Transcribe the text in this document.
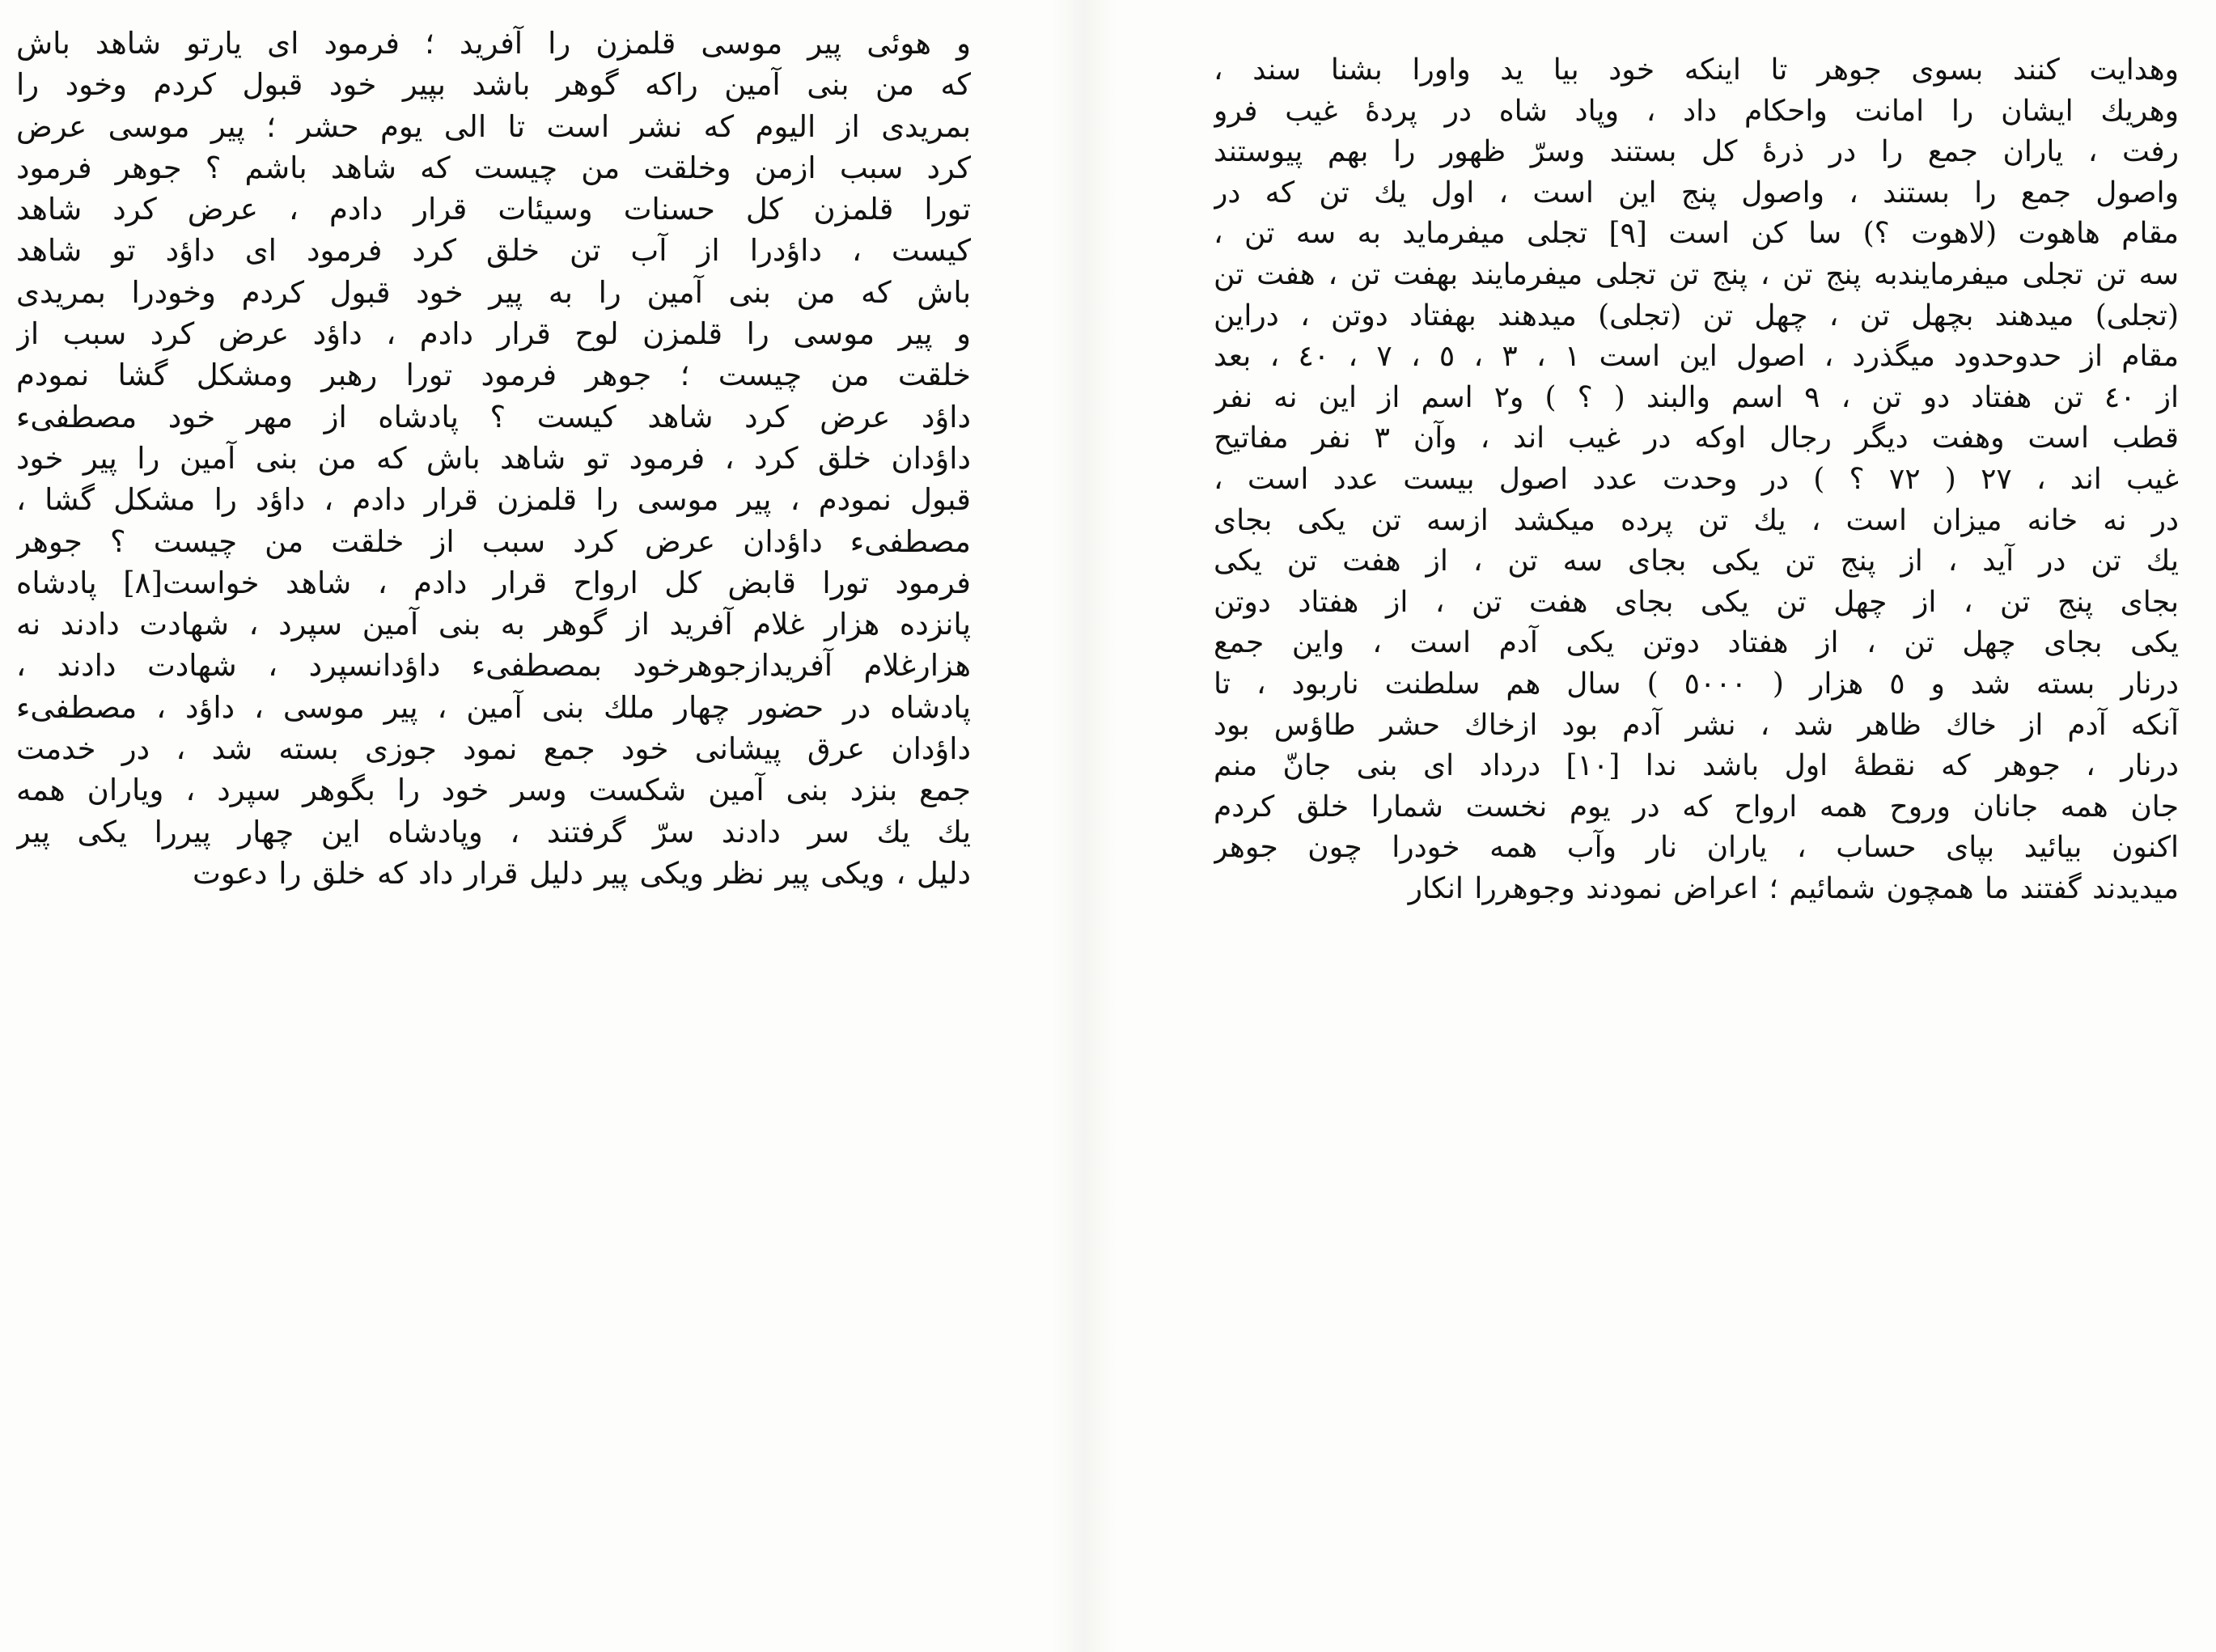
و هوئى پير موسى قلمزن را آفريد ؛ فرمود اى يارتو شاهد باش
كه من بنى آمين راكه گوهر باشد بپير خود قبول كردم وخود را
بمريدى از اليوم كه نشر است تا الى يوم حشر ؛ پير موسى عرض
كرد سبب ازمن وخلقت من چيست كه شاهد باشم ؟ جوهر فرمود
تورا قلمزن كل حسنات وسيئات قرار دادم ، عرض كرد شاهد
كيست ، داؤدرا از آب تن خلق كرد فرمود اى داؤد تو شاهد
باش كه من بنى آمين را به پير خود قبول كردم وخودرا بمريدى
و پير موسى را قلمزن لوح قرار دادم ، داؤد عرض كرد سبب از
خلقت من چيست ؛ جوهر فرمود تورا رهبر ومشكل گشا نمودم
داؤد عرض كرد شاهد كيست ؟ پادشاه از مهر خود مصطفىء
داؤدان خلق كرد ، فرمود تو شاهد باش كه من بنى آمين را پير خود
قبول نمودم ، پير موسى را قلمزن قرار دادم ، داؤد را مشكل گشا ،
مصطفىء داؤدان عرض كرد سبب از خلقت من چيست ؟ جوهر
فرمود تورا قابض كل ارواح قرار دادم ، شاهد خواست[٨] پادشاه
پانزده هزار غلام آفريد از گوهر به بنى آمين سپرد ، شهادت دادند نه
هزارغلام آفريدازجوهرخود بمصطفىء داؤدانسپرد ، شهادت دادند ،
پادشاه در حضور چهار ملك بنى آمين ، پير موسى ، داؤد ، مصطفىء
داؤدان عرق پيشانى خود جمع نمود جوزى بسته شد ، در خدمت
جمع بنزد بنى آمين شكست وسر خود را بگوهر سپرد ، وياران همه
يك يك سر دادند سرّ گرفتند ، وپادشاه اين چهار پيررا يكى پير
دليل ، ويكى پير نظر ويكى پير دليل قرار داد كه خلق را دعوت
وهدايت كنند بسوى جوهر تا اينكه خود بيا يد واورا بشنا سند ،
وهريك ايشان را امانت واحكام داد ، وپاد شاه در پردهٔ غيب فرو
رفت ، ياران جمع را در ذرهٔ كل بستند وسرّ ظهور را بهم پيوستند
واصول جمع را بستند ، واصول پنج اين است ، اول يك تن كه در
مقام هاهوت (لاهوت ؟) سا كن است [٩] تجلى ميفرمايد به سه تن ،
سه تن تجلى ميفرمايندبه پنج تن ، پنج تن تجلى ميفرمايند بهفت تن ، هفت تن
(تجلى) ميدهند بچهل تن ، چهل تن (تجلى) ميدهند بهفتاد دوتن ، دراين
مقام از حدوحدود ميگذرد ، اصول اين است ١ ، ٣ ، ٥ ، ٧ ، ٤٠ ، بعد
از ٤٠ تن هفتاد دو تن ، ٩ اسم والبند ( ؟ ) و٢ اسم از اين نه نفر
قطب است وهفت ديگر رجال اوكه در غيب اند ، وآن ٣ نفر مفاتيح
غيب اند ، ٢٧ ( ٧٢ ؟ ) در وحدت عدد اصول بيست عدد است ،
در نه خانه ميزان است ، يك تن پرده ميكشد ازسه تن يكى بجاى
يك تن در آيد ، از پنج تن يكى بجاى سه تن ، از هفت تن يكى
بجاى پنج تن ، از چهل تن يكى بجاى هفت تن ، از هفتاد دوتن
يكى بجاى چهل تن ، از هفتاد دوتن يكى آدم است ، واين جمع
درنار بسته شد و ٥ هزار ( ٥٠٠٠ ) سال هم سلطنت ناربود ، تا
آنكه آدم از خاك ظاهر شد ، نشر آدم بود ازخاك حشر طاؤس بود
درنار ، جوهر كه نقطهٔ اول باشد ندا [١٠] درداد اى بنى جانّ منم
جان همه جانان وروح همه ارواح كه در يوم نخست شمارا خلق كردم
اكنون بيائيد بپاى حساب ، ياران نار وآب همه خودرا چون جوهر
ميديدند گفتند ما همچون شمائيم ؛ اعراض نمودند وجوهررا انكار
